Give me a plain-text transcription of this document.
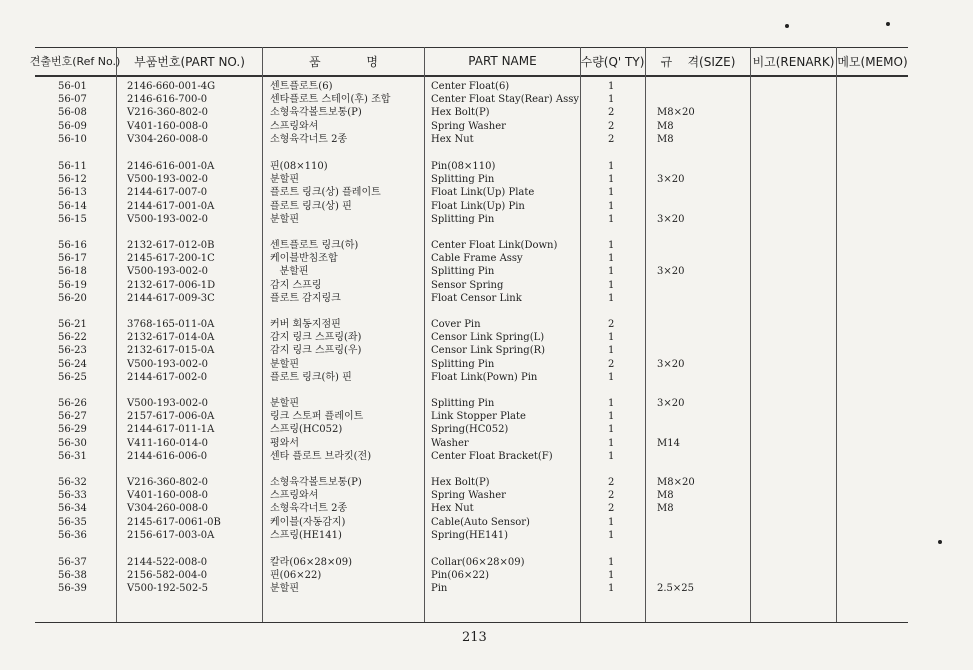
견출번호(Ref No.)	부품번호(PART NO.)	품            명	PART NAME	수량(Q' TY)	규    격(SIZE)	비고(RENARK) 메모(MEMO)
56-01	2146-660-001-4G	센트플로트(6)	Center Float(6)	1
56-07	2146-616-700-0	센타플로트 스테이(후) 조합	Center Float Stay(Rear) Assy	1
56-08	V216-360-802-0	소형육각볼트보통(P)	Hex Bolt(P)	2	M8×20
56-09	V401-160-008-0	스프링와셔	Spring Washer	2	M8
56-10	V304-260-008-0	소형육각너트 2종	Hex Nut	2	M8
56-11	2146-616-001-0A	핀(08×110)	Pin(08×110)	1
56-12	V500-193-002-0	분할핀	Splitting Pin	1	3×20
56-13	2144-617-007-0	플로트 링크(상) 플레이트	Float Link(Up) Plate	1
56-14	2144-617-001-0A	플로트 링크(상) 핀	Float Link(Up) Pin	1
56-15	V500-193-002-0	분할핀	Splitting Pin	1	3×20
56-16	2132-617-012-0B	센트플로트 링크(하)	Center Float Link(Down)	1
56-17	2145-617-200-1C	케이블반침조합	Cable Frame Assy	1
56-18	V500-193-002-0	분할핀	Splitting Pin	1	3×20
56-19	2132-617-006-1D	감지 스프링	Sensor Spring	1
56-20	2144-617-009-3C	플로트 감지링크	Float Censor Link	1
56-21	3768-165-011-0A	커버 회동지점핀	Cover Pin	2
56-22	2132-617-014-0A	감지 링크 스프링(좌)	Censor Link Spring(L)	1
56-23	2132-617-015-0A	감지 링크 스프링(우)	Censor Link Spring(R)	1
56-24	V500-193-002-0	분할핀	Splitting Pin	2	3×20
56-25	2144-617-002-0	플로트 링크(하) 핀	Float Link(Pown) Pin	1
56-26	V500-193-002-0	분할핀	Splitting Pin	1	3×20
56-27	2157-617-006-0A	링크 스토퍼 플레이트	Link Stopper Plate	1
56-29	2144-617-011-1A	스프링(HC052)	Spring(HC052)	1
56-30	V411-160-014-0	평와서	Washer	1	M14
56-31	2144-616-006-0	센타 플로트 브라킷(전)	Center Float Bracket(F)	1
56-32	V216-360-802-0	소형육각볼트보통(P)	Hex Bolt(P)	2	M8×20
56-33	V401-160-008-0	스프링와셔	Spring Washer	2	M8
56-34	V304-260-008-0	소형육각너트 2종	Hex Nut	2	M8
56-35	2145-617-0061-0B	케이블(자동감지)	Cable(Auto Sensor)	1
56-36	2156-617-003-0A	스프링(HE141)	Spring(HE141)	1
56-37	2144-522-008-0	칼라(06×28×09)	Collar(06×28×09)	1
56-38	2156-582-004-0	핀(06×22)	Pin(06×22)	1
56-39	V500-192-502-5	분할핀	Pin	1	2.5×25
213
